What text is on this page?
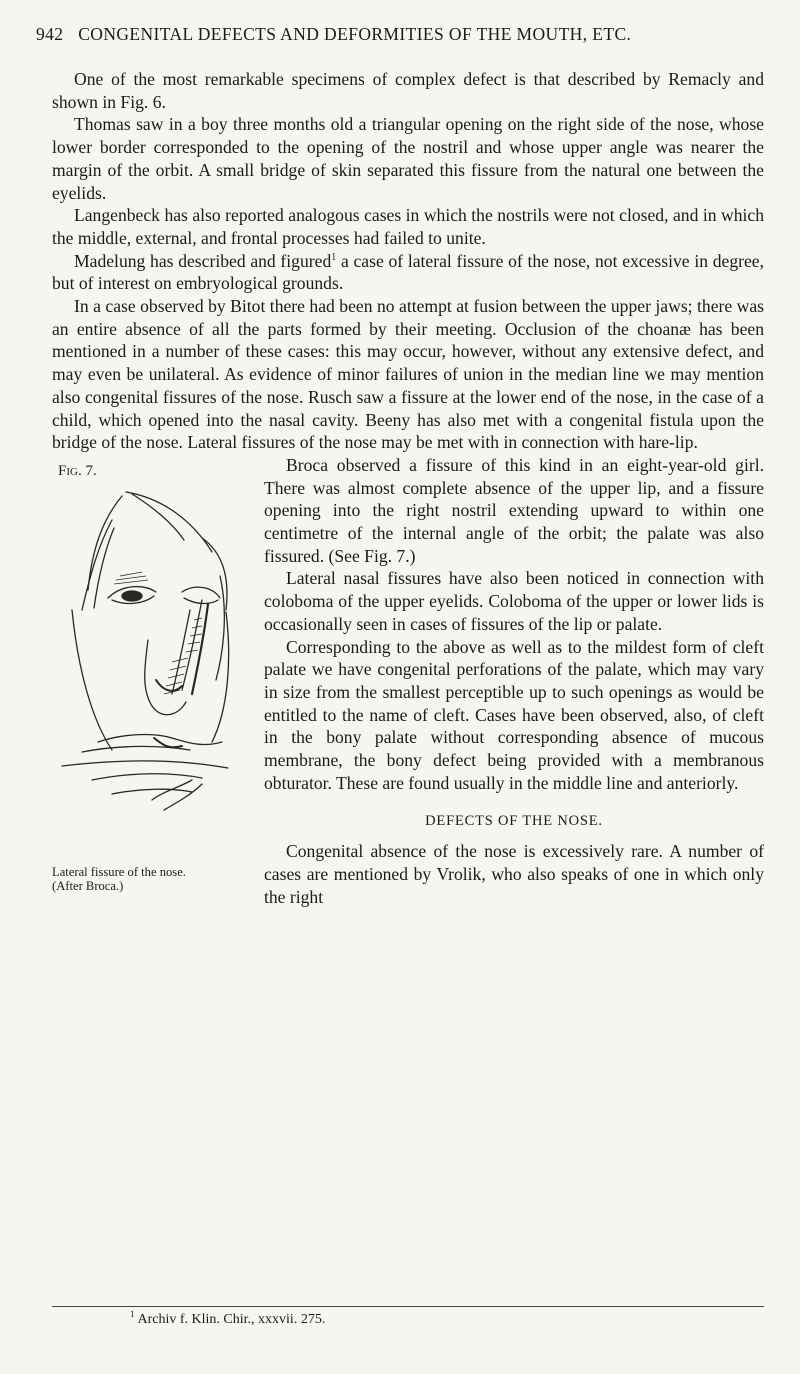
942 CONGENITAL DEFECTS AND DEFORMITIES OF THE MOUTH, ETC.

One of the most remarkable specimens of complex defect is that described by Remacly and shown in Fig. 6.

Thomas saw in a boy three months old a triangular opening on the right side of the nose, whose lower border corresponded to the opening of the nostril and whose upper angle was nearer the margin of the orbit. A small bridge of skin separated this fissure from the natural one between the eyelids.

Langenbeck has also reported analogous cases in which the nostrils were not closed, and in which the middle, external, and frontal processes had failed to unite.

Madelung has described and figured$^1$ a case of lateral fissure of the nose, not excessive in degree, but of interest on embryological grounds.

In a case observed by Bitot there had been no attempt at fusion between the upper jaws; there was an entire absence of all the parts formed by their meeting. Occlusion of the choanæ has been mentioned in a number of these cases: this may occur, however, without any extensive defect, and may even be unilateral. As evidence of minor failures of union in the median line we may mention also congenital fissures of the nose. Rusch saw a fissure at the lower end of the nose, in the case of a child, which opened into the nasal cavity. Beeny has also met with a congenital fistula upon the bridge of the nose. Lateral fissures of the nose may be met with in connection with hare-lip.

Fig. 7.
Lateral fissure of the nose.
(After Broca.)

Broca observed a fissure of this kind in an eight-year-old girl. There was almost complete absence of the upper lip, and a fissure opening into the right nostril extending upward to within one centimetre of the internal angle of the orbit; the palate was also fissured. (See Fig. 7.)

Lateral nasal fissures have also been noticed in connection with coloboma of the upper eyelids. Coloboma of the upper or lower lids is occasionally seen in cases of fissures of the lip or palate.

Corresponding to the above as well as to the mildest form of cleft palate we have congenital perforations of the palate, which may vary in size from the smallest perceptible up to such openings as would be entitled to the name of cleft. Cases have been observed, also, of cleft in the bony palate without corresponding absence of mucous membrane, the bony defect being provided with a membranous obturator. These are found usually in the middle line and anteriorly.

DEFECTS OF THE NOSE.

Congenital absence of the nose is excessively rare. A number of cases are mentioned by Vrolik, who also speaks of one in which only the right

$^1$ Archiv f. Klin. Chir., xxxvii. 275.
